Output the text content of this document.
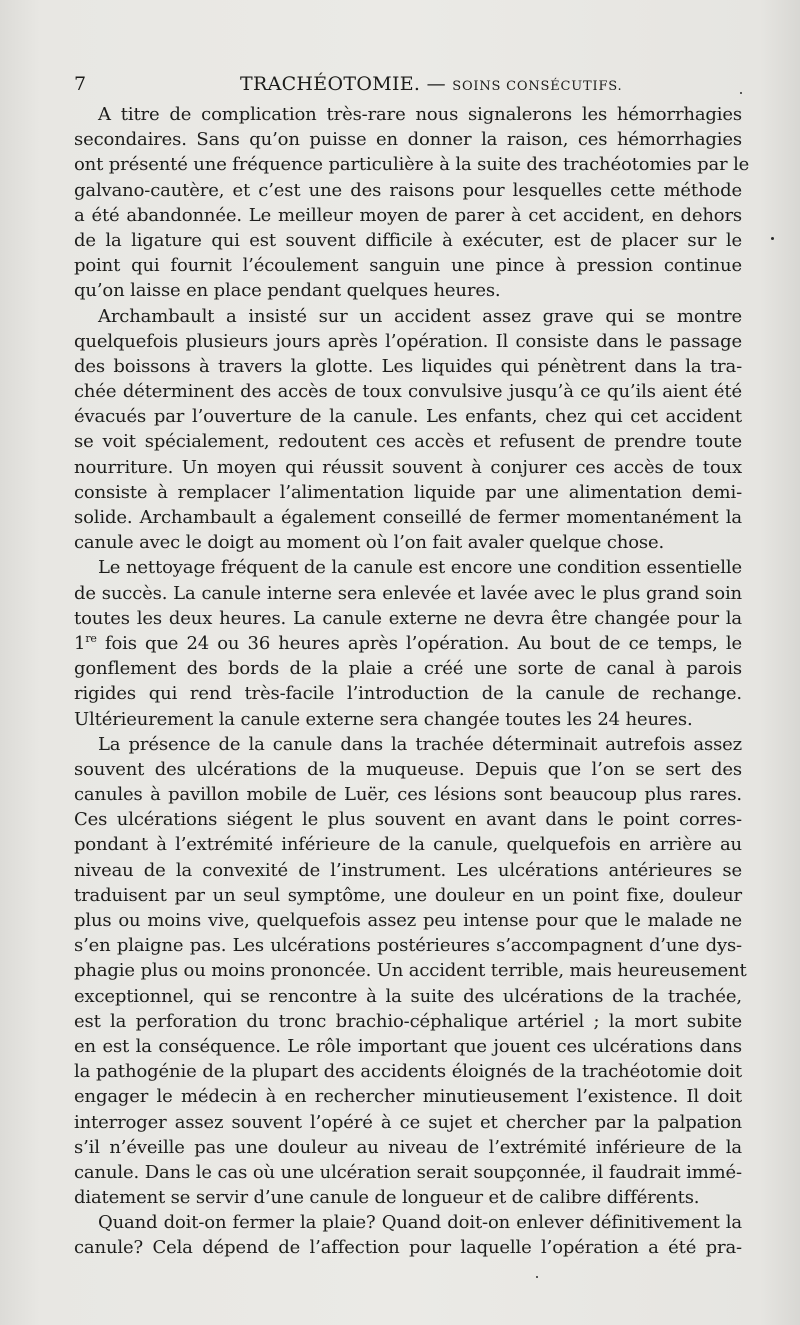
7	TRACHÉOTOMIE. — SOINS CONSÉCUTIFS.
A titre de complication très-rare nous signalerons les hémorrhagies
secondaires. Sans qu’on puisse en donner la raison, ces hémorrhagies
ont présenté une fréquence particulière à la suite des trachéotomies par le
galvano-cautère, et c’est une des raisons pour lesquelles cette méthode
a été abandonnée. Le meilleur moyen de parer à cet accident, en dehors
de la ligature qui est souvent difficile à exécuter, est de placer sur le
point qui fournit l’écoulement sanguin une pince à pression continue
qu’on laisse en place pendant quelques heures.
Archambault a insisté sur un accident assez grave qui se montre
quelquefois plusieurs jours après l’opération. Il consiste dans le passage
des boissons à travers la glotte. Les liquides qui pénètrent dans la tra-
chée déterminent des accès de toux convulsive jusqu’à ce qu’ils aient été
évacués par l’ouverture de la canule. Les enfants, chez qui cet accident
se voit spécialement, redoutent ces accès et refusent de prendre toute
nourriture. Un moyen qui réussit souvent à conjurer ces accès de toux
consiste à remplacer l’alimentation liquide par une alimentation demi-
solide. Archambault a également conseillé de fermer momentanément la
canule avec le doigt au moment où l’on fait avaler quelque chose.
Le nettoyage fréquent de la canule est encore une condition essentielle
de succès. La canule interne sera enlevée et lavée avec le plus grand soin
toutes les deux heures. La canule externe ne devra être changée pour la
1re fois que 24 ou 36 heures après l’opération. Au bout de ce temps, le
gonflement des bords de la plaie a créé une sorte de canal à parois
rigides qui rend très-facile l’introduction de la canule de rechange.
Ultérieurement la canule externe sera changée toutes les 24 heures.
La présence de la canule dans la trachée déterminait autrefois assez
souvent des ulcérations de la muqueuse. Depuis que l’on se sert des
canules à pavillon mobile de Luër, ces lésions sont beaucoup plus rares.
Ces ulcérations siégent le plus souvent en avant dans le point corres-
pondant à l’extrémité inférieure de la canule, quelquefois en arrière au
niveau de la convexité de l’instrument. Les ulcérations antérieures se
traduisent par un seul symptôme, une douleur en un point fixe, douleur
plus ou moins vive, quelquefois assez peu intense pour que le malade ne
s’en plaigne pas. Les ulcérations postérieures s’accompagnent d’une dys-
phagie plus ou moins prononcée. Un accident terrible, mais heureusement
exceptionnel, qui se rencontre à la suite des ulcérations de la trachée,
est la perforation du tronc brachio-céphalique artériel ; la mort subite
en est la conséquence. Le rôle important que jouent ces ulcérations dans
la pathogénie de la plupart des accidents éloignés de la trachéotomie doit
engager le médecin à en rechercher minutieusement l’existence. Il doit
interroger assez souvent l’opéré à ce sujet et chercher par la palpation
s’il n’éveille pas une douleur au niveau de l’extrémité inférieure de la
canule. Dans le cas où une ulcération serait soupçonnée, il faudrait immé-
diatement se servir d’une canule de longueur et de calibre différents.
Quand doit-on fermer la plaie? Quand doit-on enlever définitivement la
canule? Cela dépend de l’affection pour laquelle l’opération a été pra-
